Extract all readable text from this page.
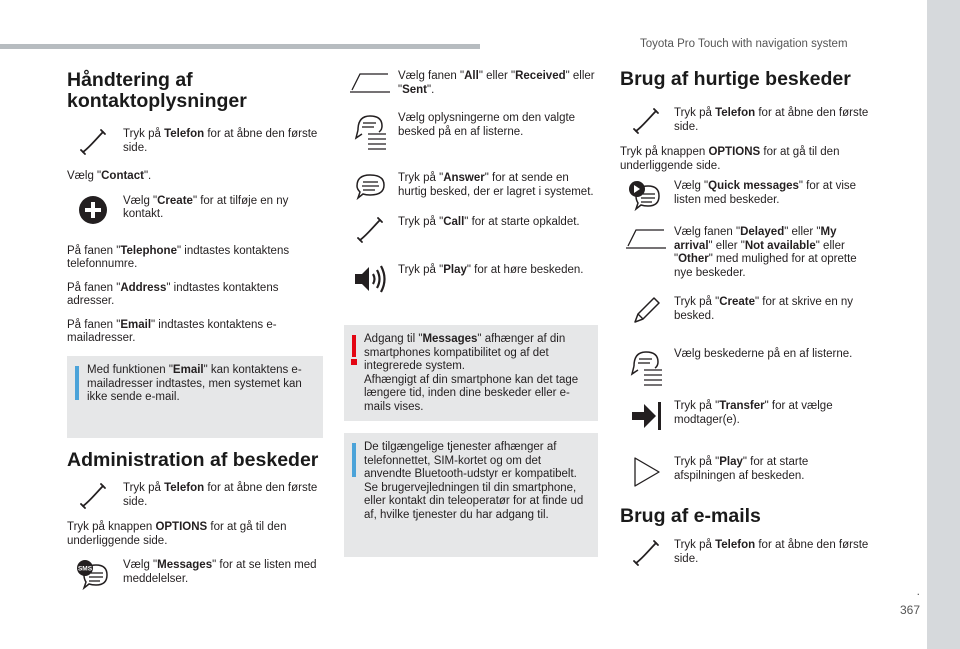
Toyota Pro Touch with navigation system
.
367
Håndtering af kontaktoplysninger
Tryk på Telefon for at åbne den første side.

Vælg "Contact".

Vælg "Create" for at tilføje en ny kontakt.

På fanen "Telephone" indtastes kontaktens telefonnumre.

På fanen "Address" indtastes kontaktens adresser.

På fanen "Email" indtastes kontaktens e-mailadresser.

Med funktionen "Email" kan kontaktens e-mailadresser indtastes, men systemet kan ikke sende e-mail.
Administration af beskeder
Tryk på Telefon for at åbne den første side.

Tryk på knappen OPTIONS for at gå til den underliggende side.

SMS	Vælg "Messages" for at se listen med meddelelser.
Vælg fanen "All" eller "Received" eller "Sent".
Vælg oplysningerne om den valgte besked på en af listerne.
Tryk på "Answer" for at sende en hurtig besked, der er lagret i systemet.
Tryk på "Call" for at starte opkaldet.
Tryk på "Play" for at høre beskeden.
Adgang til "Messages" afhænger af din smartphones kompatibilitet og af det integrerede system.
Afhængigt af din smartphone kan det tage længere tid, inden dine beskeder eller e-mails vises.
De tilgængelige tjenester afhænger af telefonnettet, SIM-kortet og om det anvendte Bluetooth-udstyr er kompatibelt. Se brugervejledningen til din smartphone, eller kontakt din teleoperatør for at finde ud af, hvilke tjenester du har adgang til.
Brug af hurtige beskeder
Tryk på Telefon for at åbne den første side.

Tryk på knappen OPTIONS for at gå til den underliggende side.

Vælg "Quick messages" for at vise listen med beskeder.
Vælg fanen "Delayed" eller "My arrival" eller "Not available" eller "Other" med mulighed for at oprette nye beskeder.
Tryk på "Create" for at skrive en ny besked.
Vælg beskederne på en af listerne.
Tryk på "Transfer" for at vælge modtager(e).
Tryk på "Play" for at starte afspilningen af beskeden.
Brug af e-mails
Tryk på Telefon for at åbne den første side.
